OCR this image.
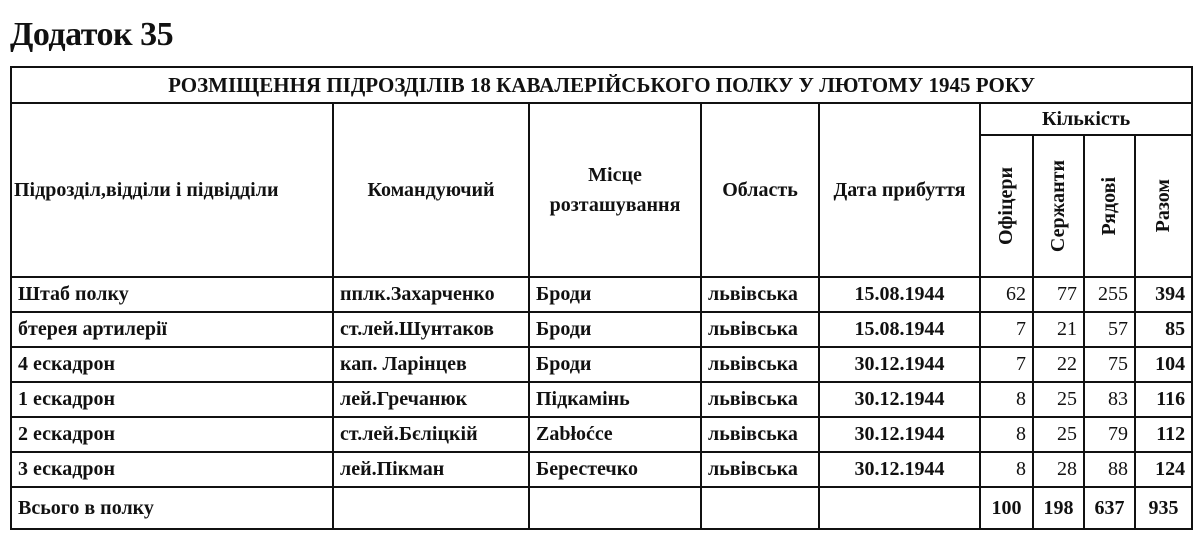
Додаток 35
РОЗМІЩЕННЯ ПІДРОЗДІЛІВ 18 КАВАЛЕРІЙСЬКОГО ПОЛКУ У ЛЮТОМУ 1945 РОКУ								
Підрозділ,відділи і підвідділи	Командуючий	Місце розташування	Область	Дата прибуття	Кількість			

					Офіцери	Сержанти	Рядові	Разом

Штаб полку	пплк.Захарченко	Броди	львівська	15.08.1944	62	77	255	394
бтерея артилерії	ст.лей.Шунтаков	Броди	львівська	15.08.1944	7	21	57	85
4 ескадрон	кап. Ларінцев	Броди	львівська	30.12.1944	7	22	75	104
1 ескадрон	лей.Гречанюк	Підкамінь	львівська	30.12.1944	8	25	83	116
2 ескадрон	ст.лей.Бєліцкій	Zabłoćce	львівська	30.12.1944	8	25	79	112
3 ескадрон	лей.Пікман	Берестечко	львівська	30.12.1944	8	28	88	124
Всього в полку					100	198	637	935
